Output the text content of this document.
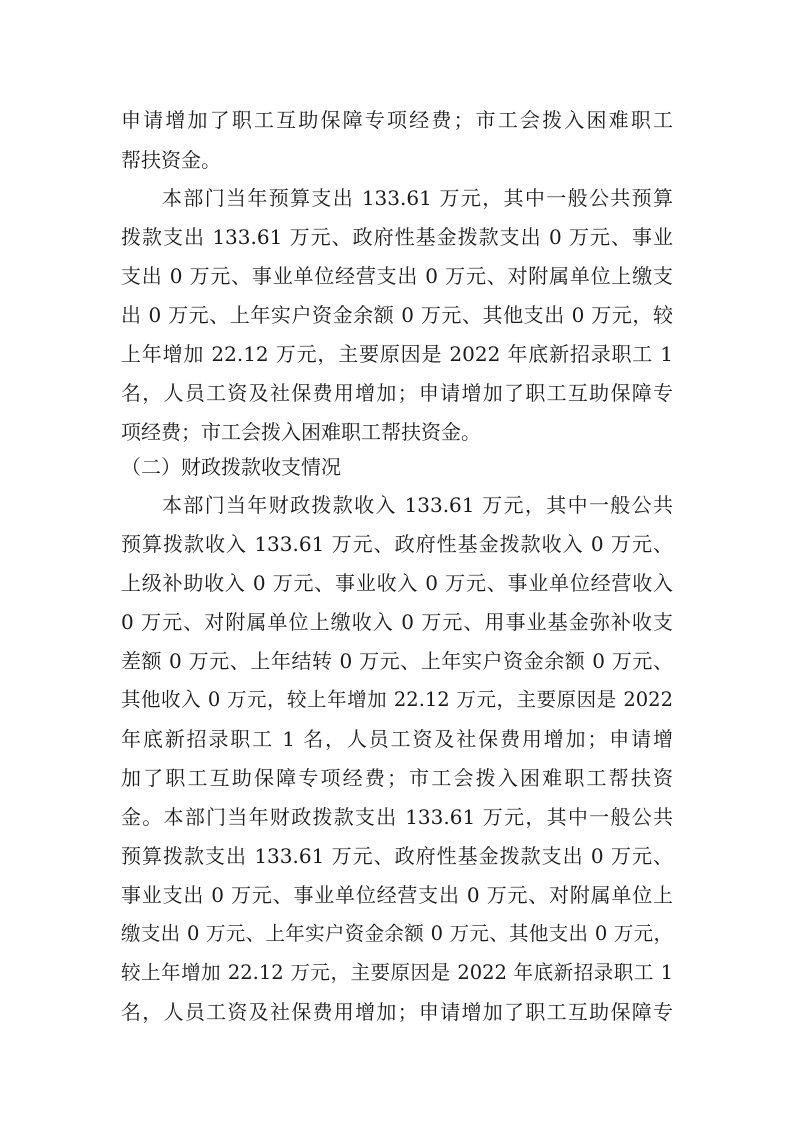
申请增加了职工互助保障专项经费；市工会拨入困难职工
帮扶资金。
本部门当年预算支出 133.61 万元，其中一般公共预算
拨款支出 133.61 万元、政府性基金拨款支出 0 万元、事业
支出 0 万元、事业单位经营支出 0 万元、对附属单位上缴支
出 0 万元、上年实户资金余额 0 万元、其他支出 0 万元，较
上年增加 22.12 万元，主要原因是 2022 年底新招录职工 1
名，人员工资及社保费用增加；申请增加了职工互助保障专
项经费；市工会拨入困难职工帮扶资金。
（二）财政拨款收支情况
本部门当年财政拨款收入 133.61 万元，其中一般公共
预算拨款收入 133.61 万元、政府性基金拨款收入 0 万元、
上级补助收入 0 万元、事业收入 0 万元、事业单位经营收入
0 万元、对附属单位上缴收入 0 万元、用事业基金弥补收支
差额 0 万元、上年结转 0 万元、上年实户资金余额 0 万元、
其他收入 0 万元，较上年增加 22.12 万元，主要原因是 2022
年底新招录职工 1 名，人员工资及社保费用增加；申请增
加了职工互助保障专项经费；市工会拨入困难职工帮扶资
金。本部门当年财政拨款支出 133.61 万元，其中一般公共
预算拨款支出 133.61 万元、政府性基金拨款支出 0 万元、
事业支出 0 万元、事业单位经营支出 0 万元、对附属单位上
缴支出 0 万元、上年实户资金余额 0 万元、其他支出 0 万元，
较上年增加 22.12 万元，主要原因是 2022 年底新招录职工 1
名，人员工资及社保费用增加；申请增加了职工互助保障专
